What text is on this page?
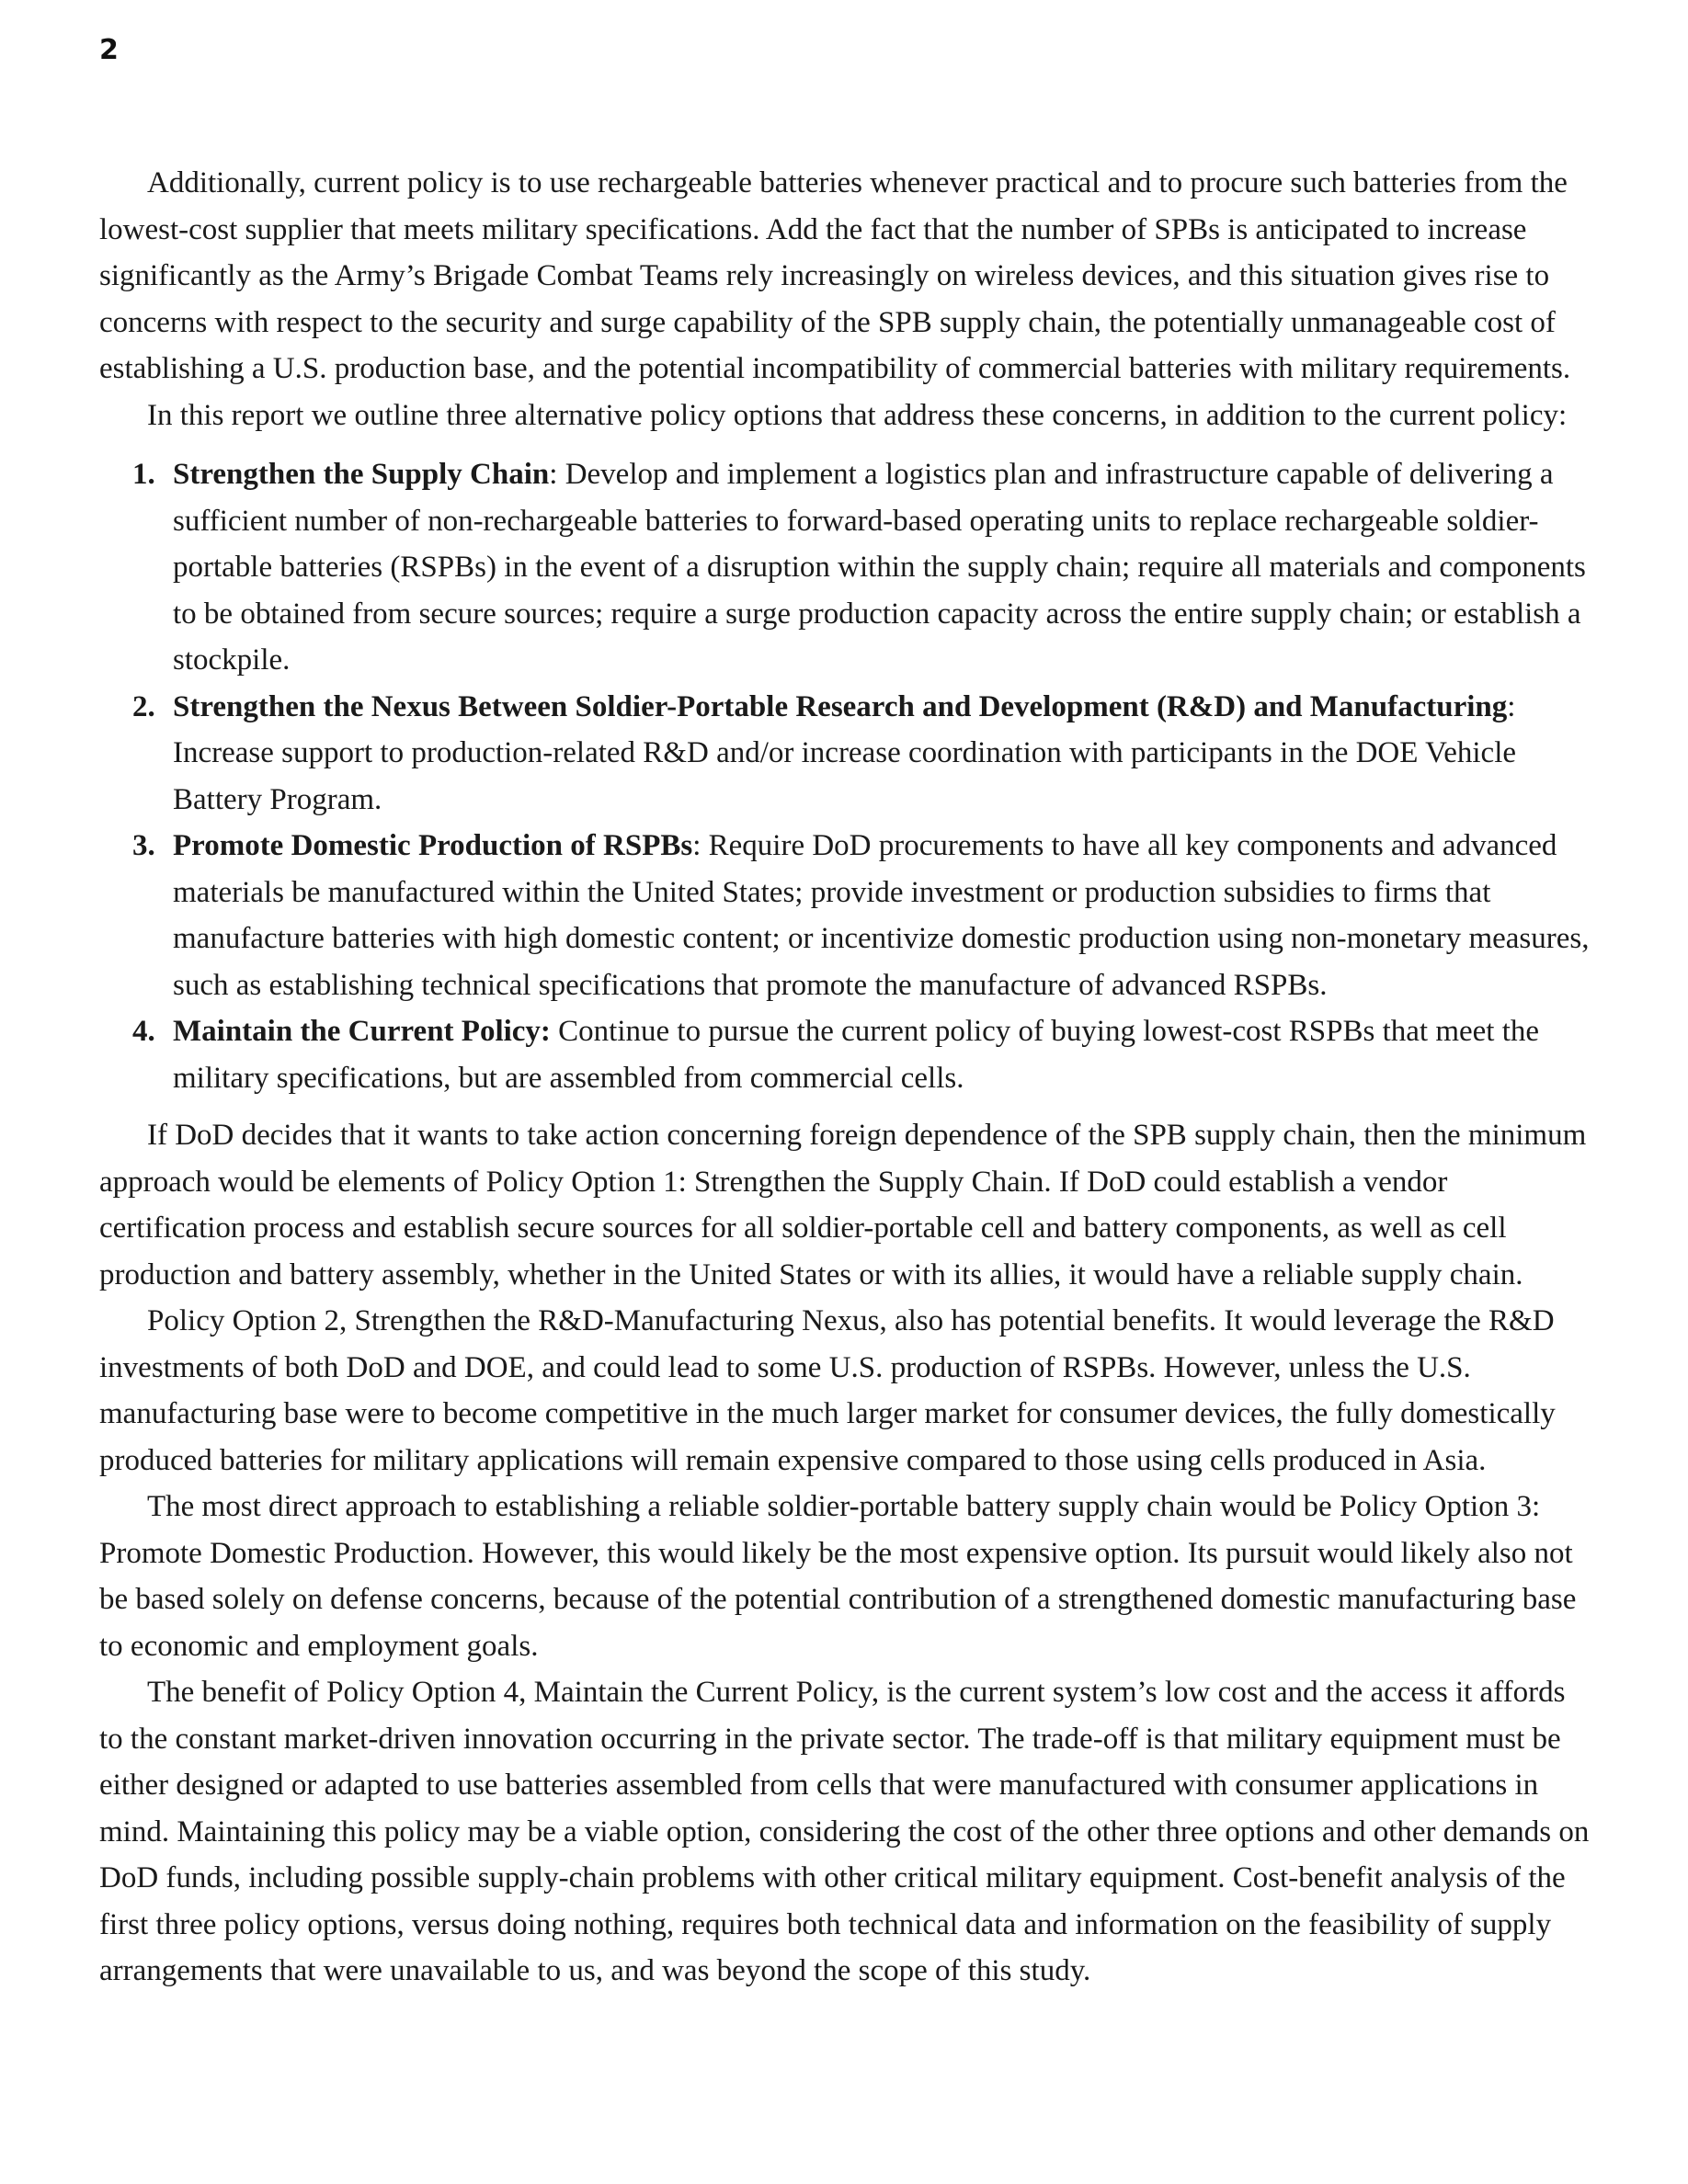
2

Additionally, current policy is to use rechargeable batteries whenever practical and to procure such batteries from the lowest-cost supplier that meets military specifications. Add the fact that the number of SPBs is anticipated to increase significantly as the Army’s Brigade Combat Teams rely increasingly on wireless devices, and this situation gives rise to concerns with respect to the security and surge capability of the SPB supply chain, the potentially unmanageable cost of establishing a U.S. production base, and the potential incompatibility of commercial batteries with military requirements.

In this report we outline three alternative policy options that address these concerns, in addition to the current policy:

1. Strengthen the Supply Chain: Develop and implement a logistics plan and infrastructure capable of delivering a sufficient number of non-rechargeable batteries to forward-based operating units to replace rechargeable soldier-portable batteries (RSPBs) in the event of a disruption within the supply chain; require all materials and components to be obtained from secure sources; require a surge production capacity across the entire supply chain; or establish a stockpile.
2. Strengthen the Nexus Between Soldier-Portable Research and Development (R&D) and Manufacturing: Increase support to production-related R&D and/or increase coordination with participants in the DOE Vehicle Battery Program.
3. Promote Domestic Production of RSPBs: Require DoD procurements to have all key components and advanced materials be manufactured within the United States; provide investment or production subsidies to firms that manufacture batteries with high domestic content; or incentivize domestic production using non-monetary measures, such as establishing technical specifications that promote the manufacture of advanced RSPBs.
4. Maintain the Current Policy: Continue to pursue the current policy of buying lowest-cost RSPBs that meet the military specifications, but are assembled from commercial cells.

If DoD decides that it wants to take action concerning foreign dependence of the SPB supply chain, then the minimum approach would be elements of Policy Option 1: Strengthen the Supply Chain. If DoD could establish a vendor certification process and establish secure sources for all soldier-portable cell and battery components, as well as cell production and battery assembly, whether in the United States or with its allies, it would have a reliable supply chain.

Policy Option 2, Strengthen the R&D-Manufacturing Nexus, also has potential benefits. It would leverage the R&D investments of both DoD and DOE, and could lead to some U.S. production of RSPBs. However, unless the U.S. manufacturing base were to become competitive in the much larger market for consumer devices, the fully domestically produced batteries for military applications will remain expensive compared to those using cells produced in Asia.

The most direct approach to establishing a reliable soldier-portable battery supply chain would be Policy Option 3: Promote Domestic Production. However, this would likely be the most expensive option. Its pursuit would likely also not be based solely on defense concerns, because of the potential contribution of a strengthened domestic manufacturing base to economic and employment goals.

The benefit of Policy Option 4, Maintain the Current Policy, is the current system’s low cost and the access it affords to the constant market-driven innovation occurring in the private sector. The trade-off is that military equipment must be either designed or adapted to use batteries assembled from cells that were manufactured with consumer applications in mind. Maintaining this policy may be a viable option, considering the cost of the other three options and other demands on DoD funds, including possible supply-chain problems with other critical military equipment. Cost-benefit analysis of the first three policy options, versus doing nothing, requires both technical data and information on the feasibility of supply arrangements that were unavailable to us, and was beyond the scope of this study.
